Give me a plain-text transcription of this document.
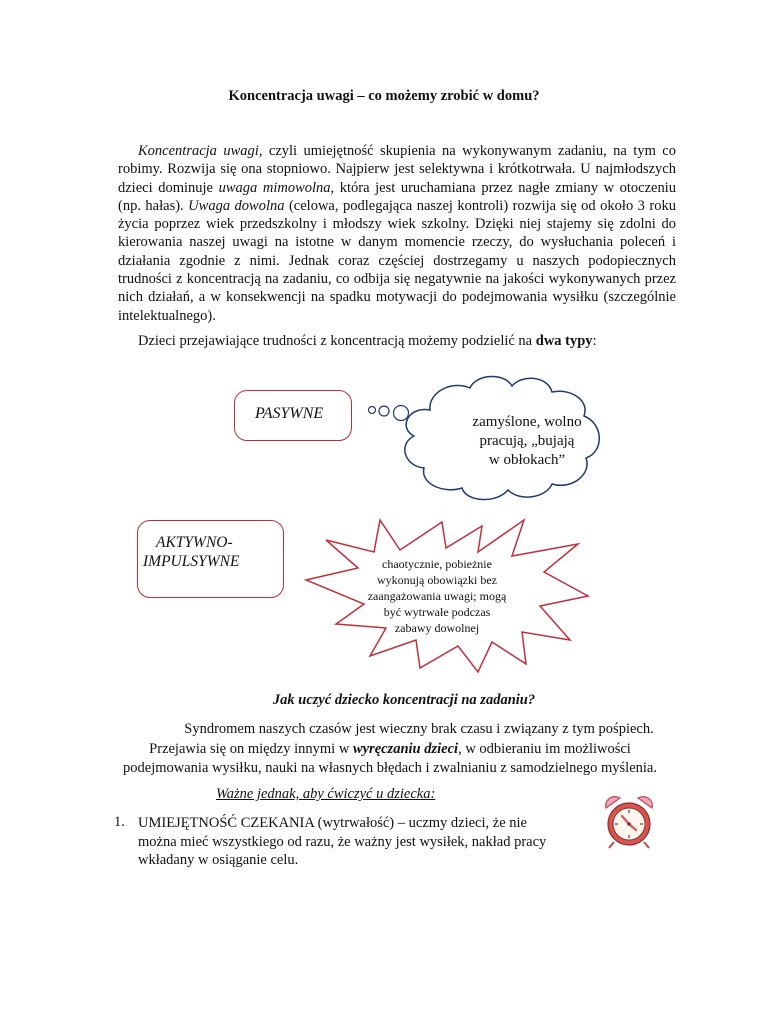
Koncentracja uwagi – co możemy zrobić w domu?
Koncentracja uwagi, czyli umiejętność skupienia na wykonywanym zadaniu, na tym co robimy. Rozwija się ona stopniowo. Najpierw jest selektywna i krótkotrwała. U najmłodszych dzieci dominuje uwaga mimowolna, która jest uruchamiana przez nagłe zmiany w otoczeniu (np. hałas). Uwaga dowolna (celowa, podlegająca naszej kontroli) rozwija się od około 3 roku życia poprzez wiek przedszkolny i młodszy wiek szkolny. Dzięki niej stajemy się zdolni do kierowania naszej uwagi na istotne w danym momencie rzeczy, do wysłuchania poleceń i działania zgodnie z nimi. Jednak coraz częściej dostrzegamy u naszych podopiecznych trudności z koncentracją na zadaniu, co odbija się negatywnie na jakości wykonywanych przez nich działań, a w konsekwencji na spadku motywacji do podejmowania wysiłku (szczególnie intelektualnego).
Dzieci przejawiające trudności z koncentracją możemy podzielić na dwa typy:
PASYWNE	zamyślone, wolno
pracują, „bujają
w obłokach”
AKTYWNO-
IMPULSYWNE	chaotycznie, pobieżnie
wykonują obowiązki bez
zaangażowania uwagi; mogą
być wytrwałe podczas
zabawy dowolnej
Jak uczyć dziecko koncentracji na zadaniu?
Syndromem naszych czasów jest wieczny brak czasu i związany z tym pośpiech.
Przejawia się on między innymi w wyręczaniu dzieci, w odbieraniu im możliwości
podejmowania wysiłku, nauki na własnych błędach i zwalnianiu z samodzielnego myślenia.
Ważne jednak, aby ćwiczyć u dziecka:
1. UMIEJĘTNOŚĆ CZEKANIA (wytrwałość) – uczmy dzieci, że nie
można mieć wszystkiego od razu, że ważny jest wysiłek, nakład pracy
wkładany w osiąganie celu.
